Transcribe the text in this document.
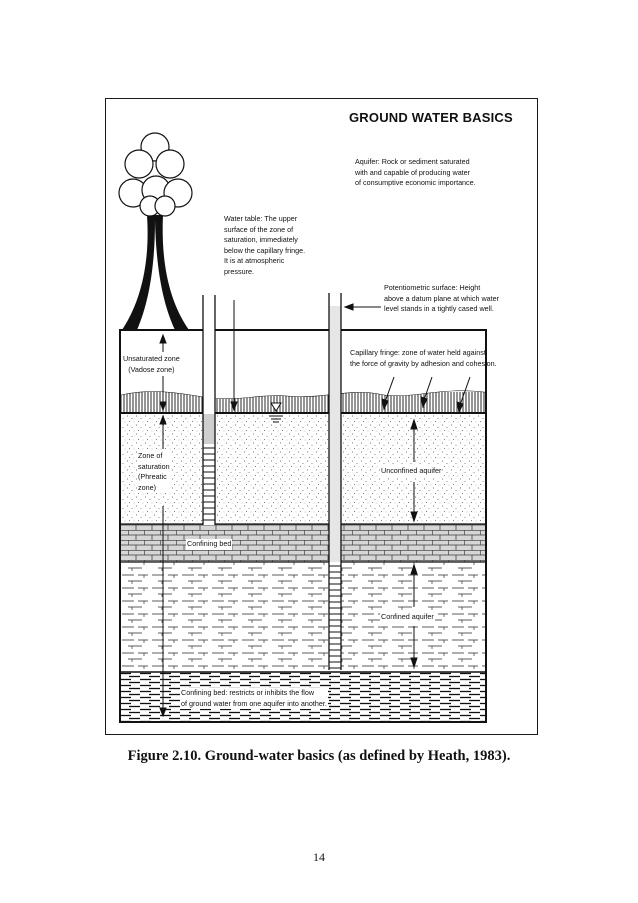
GROUND WATER BASICS
Aquifer: Rock or sediment saturated
with and capable of producing water
of consumptive economic importance.
Water table: The upper
surface of the zone of
saturation, immediately
below the capillary fringe.
It is at atmospheric
pressure.
Potentiometric surface: Height
above a datum plane at which water
level stands in a tightly cased well.
Capillary fringe: zone of water held against
the force of gravity by adhesion and cohesion.
Unsaturated zone
(Vadose zone)
Zone of
saturation
(Phreatic
zone)
Unconfined aquifer
Confining bed
Confined aquifer
Confining bed: restricts or inhibits the flow
of ground water from one aquifer into another.
Figure 2.10. Ground-water basics (as defined by Heath, 1983).
14
